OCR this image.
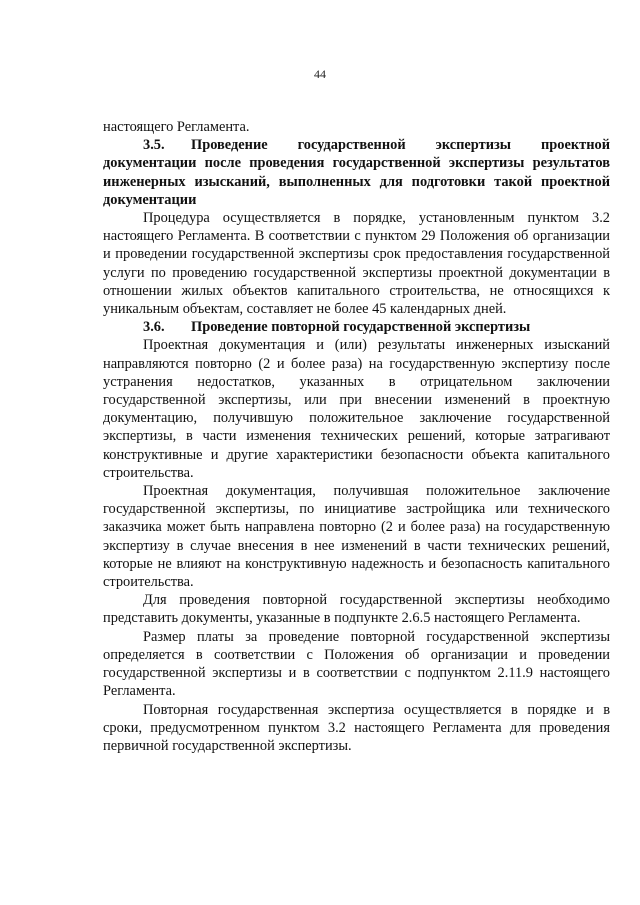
44

настоящего Регламента.

3.5. Проведение государственной экспертизы проектной документации после проведения государственной экспертизы результатов инженерных изысканий, выполненных для подготовки такой проектной документации

Процедура осуществляется в порядке, установленным пунктом 3.2 настоящего Регламента. В соответствии с пунктом 29 Положения об организации и проведении государственной экспертизы срок предоставления государственной услуги по проведению государственной экспертизы проектной документации в отношении жилых объектов капитального строительства, не относящихся к уникальным объектам, составляет не более 45 календарных дней.

3.6. Проведение повторной государственной экспертизы

Проектная документация и (или) результаты инженерных изысканий направляются повторно (2 и более раза) на государственную экспертизу после устранения недостатков, указанных в отрицательном заключении государственной экспертизы, или при внесении изменений в проектную документацию, получившую положительное заключение государственной экспертизы, в части изменения технических решений, которые затрагивают конструктивные и другие характеристики безопасности объекта капитального строительства.

Проектная документация, получившая положительное заключение государственной экспертизы, по инициативе застройщика или технического заказчика может быть направлена повторно (2 и более раза) на государственную экспертизу в случае внесения в нее изменений в части технических решений, которые не влияют на конструктивную надежность и безопасность капитального строительства.

Для проведения повторной государственной экспертизы необходимо представить документы, указанные в подпункте 2.6.5 настоящего Регламента.

Размер платы за проведение повторной государственной экспертизы определяется в соответствии с Положения об организации и проведении государственной экспертизы и в соответствии с подпунктом 2.11.9 настоящего Регламента.

Повторная государственная экспертиза осуществляется в порядке и в сроки, предусмотренном пунктом 3.2 настоящего Регламента для проведения первичной государственной экспертизы.
